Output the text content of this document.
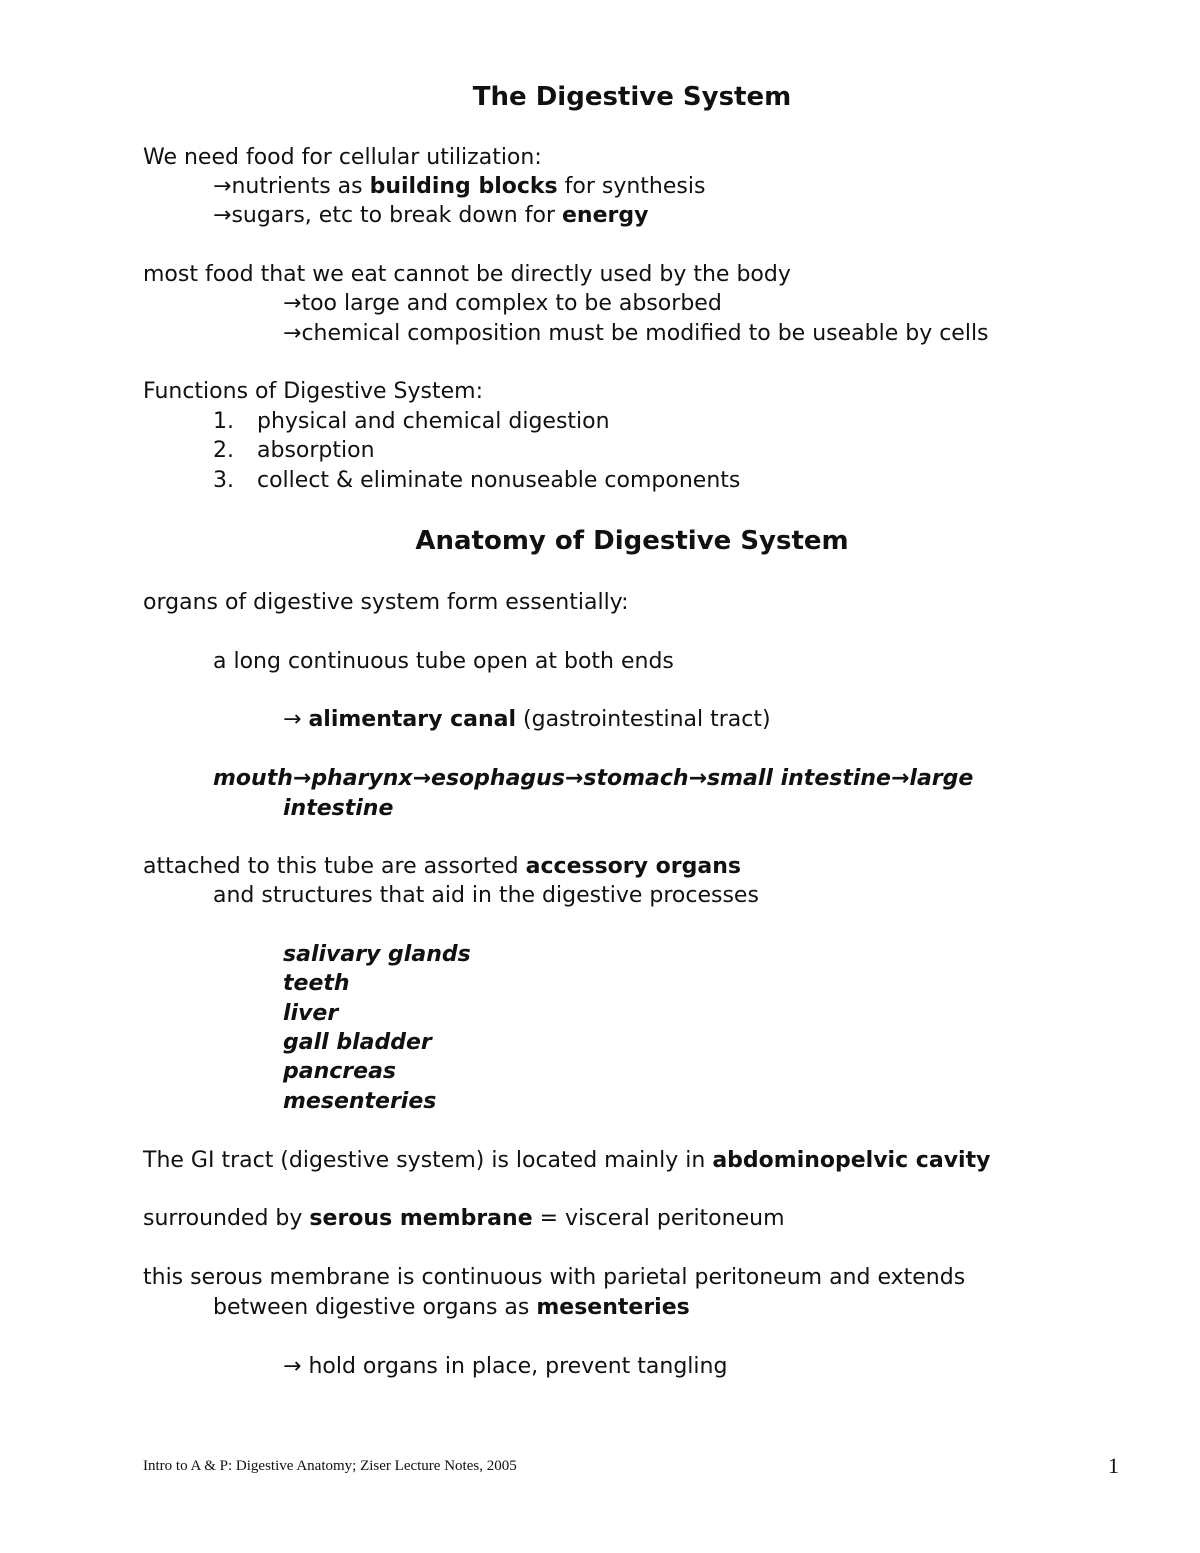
The Digestive System
We need food for cellular utilization:
→nutrients as building blocks for synthesis
→sugars, etc to break down for energy
most food that we eat cannot be directly used by the body
→too large and complex to be absorbed
→chemical composition must be modified to be useable by cells
Functions of Digestive System:
1. physical and chemical digestion
2. absorption
3. collect & eliminate nonuseable components
Anatomy of Digestive System
organs of digestive system form essentially:
a long continuous tube open at both ends
→ alimentary canal (gastrointestinal tract)
mouth→pharynx→esophagus→stomach→small intestine→large
intestine
attached to this tube are assorted accessory organs
and structures that aid in the digestive processes
salivary glands
teeth
liver
gall bladder
pancreas
mesenteries
The GI tract (digestive system) is located mainly in abdominopelvic cavity
surrounded by serous membrane = visceral peritoneum
this serous membrane is continuous with parietal peritoneum and extends
between digestive organs as mesenteries
→ hold organs in place, prevent tangling
Intro to A & P: Digestive Anatomy; Ziser Lecture Notes, 2005	1
